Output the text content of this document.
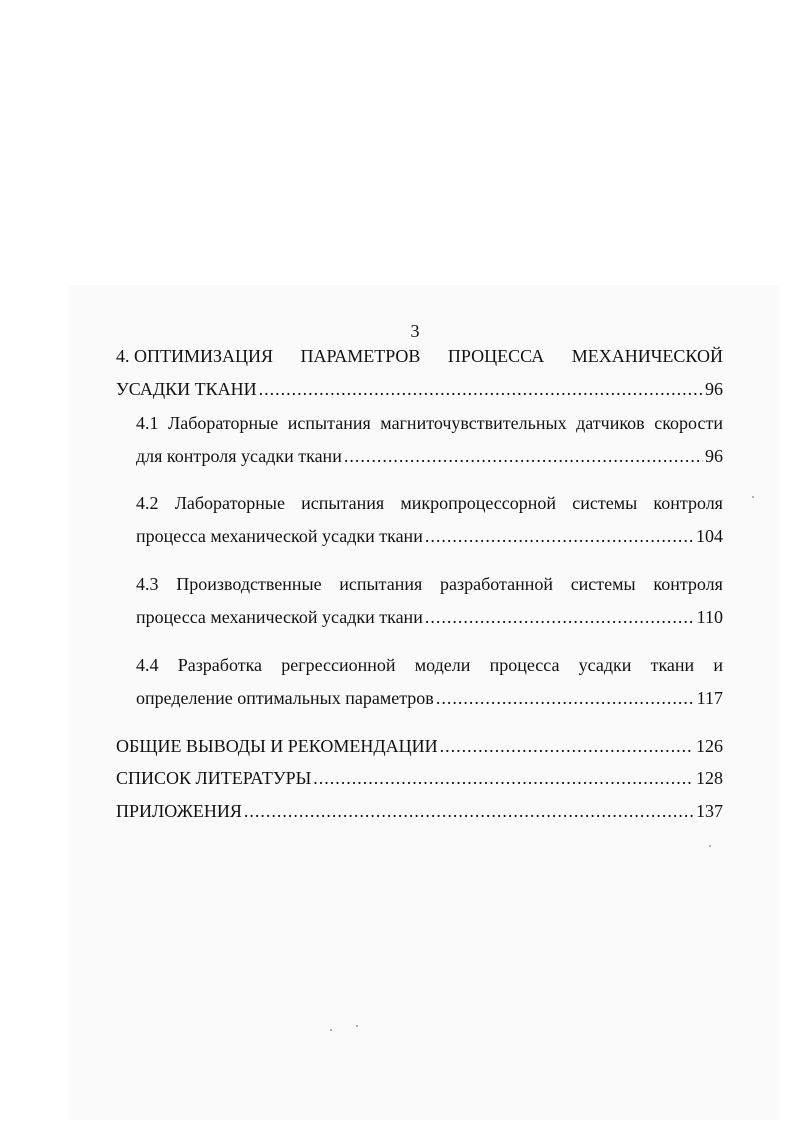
3
4. ОПТИМИЗАЦИЯ ПАРАМЕТРОВ ПРОЦЕССА МЕХАНИЧЕСКОЙ
УСАДКИ ТКАНИ .....	96
4.1 Лабораторные испытания магниточувствительных датчиков скорости
для контроля усадки ткани .....	96
4.2 Лабораторные испытания микропроцессорной системы контроля
процесса механической усадки ткани .....	104
4.3 Производственные испытания разработанной системы контроля
процесса механической усадки ткани .....	110
4.4 Разработка регрессионной модели процесса усадки ткани и
определение оптимальных параметров .....	117
ОБЩИЕ ВЫВОДЫ И РЕКОМЕНДАЦИИ .....	126
СПИСОК ЛИТЕРАТУРЫ .....	128
ПРИЛОЖЕНИЯ .....	137
